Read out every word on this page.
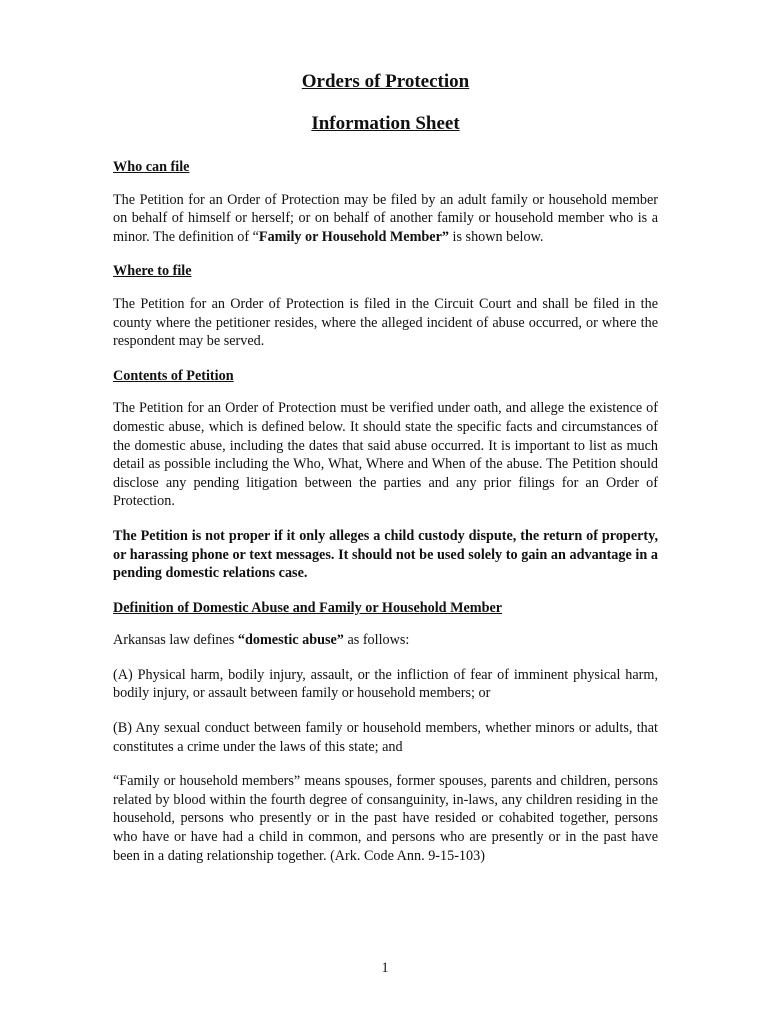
Orders of Protection
Information Sheet
Who can file

The Petition for an Order of Protection may be filed by an adult family or household member on behalf of himself or herself; or on behalf of another family or household member who is a minor. The definition of “Family or Household Member” is shown below.

Where to file

The Petition for an Order of Protection is filed in the Circuit Court and shall be filed in the county where the petitioner resides, where the alleged incident of abuse occurred, or where the respondent may be served.

Contents of Petition

The Petition for an Order of Protection must be verified under oath, and allege the existence of domestic abuse, which is defined below. It should state the specific facts and circumstances of the domestic abuse, including the dates that said abuse occurred. It is important to list as much detail as possible including the Who, What, Where and When of the abuse. The Petition should disclose any pending litigation between the parties and any prior filings for an Order of Protection.

The Petition is not proper if it only alleges a child custody dispute, the return of property, or harassing phone or text messages. It should not be used solely to gain an advantage in a pending domestic relations case.

Definition of Domestic Abuse and Family or Household Member

Arkansas law defines “domestic abuse” as follows:

(A) Physical harm, bodily injury, assault, or the infliction of fear of imminent physical harm, bodily injury, or assault between family or household members; or

(B) Any sexual conduct between family or household members, whether minors or adults, that constitutes a crime under the laws of this state; and

“Family or household members” means spouses, former spouses, parents and children, persons related by blood within the fourth degree of consanguinity, in-laws, any children residing in the household, persons who presently or in the past have resided or cohabited together, persons who have or have had a child in common, and persons who are presently or in the past have been in a dating relationship together. (Ark. Code Ann. 9-15-103)

1
